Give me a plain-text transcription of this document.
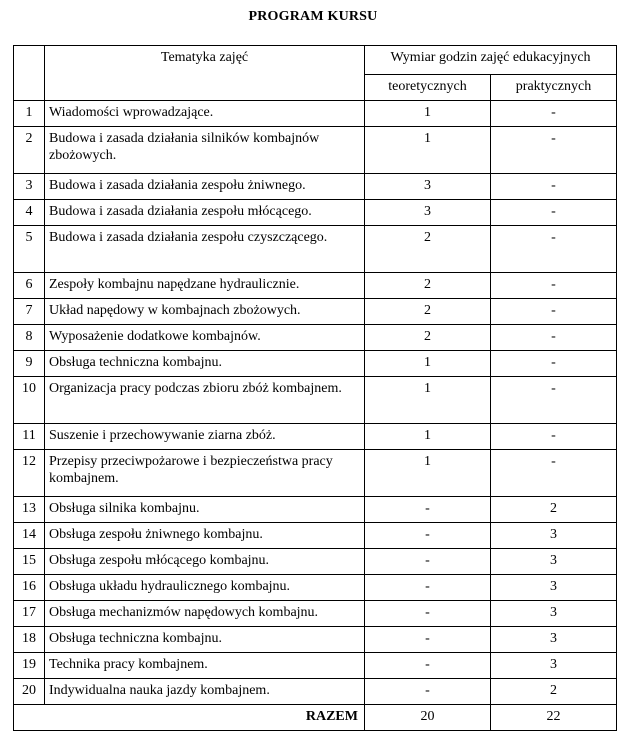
PROGRAM KURSU
	Tematyka zajęć	Wymiar godzin zajęć edukacyjnych	
		teoretycznych	praktycznych
1	Wiadomości wprowadzające.	1	-
2	Budowa i zasada działania silników kombajnów zbożowych.	1	-
3	Budowa i zasada działania zespołu żniwnego.	3	-
4	Budowa i zasada działania zespołu młócącego.	3	-
5	Budowa i zasada działania zespołu czyszczącego.	2	-
6	Zespoły kombajnu napędzane hydraulicznie.	2	-
7	Układ napędowy w kombajnach zbożowych.	2	-
8	Wyposażenie dodatkowe kombajnów.	2	-
9	Obsługa techniczna kombajnu.	1	-
10	Organizacja pracy podczas zbioru zbóż kombajnem.	1	-
11	Suszenie i przechowywanie ziarna zbóż.	1	-
12	Przepisy przeciwpożarowe i bezpieczeństwa pracy kombajnem.	1	-
13	Obsługa silnika kombajnu.	-	2
14	Obsługa zespołu żniwnego kombajnu.	-	3
15	Obsługa zespołu młócącego kombajnu.	-	3
16	Obsługa układu hydraulicznego kombajnu.	-	3
17	Obsługa mechanizmów napędowych kombajnu.	-	3
18	Obsługa techniczna kombajnu.	-	3
19	Technika pracy kombajnem.	-	3
20	Indywidualna nauka jazdy kombajnem.	-	2
RAZEM		20	22
